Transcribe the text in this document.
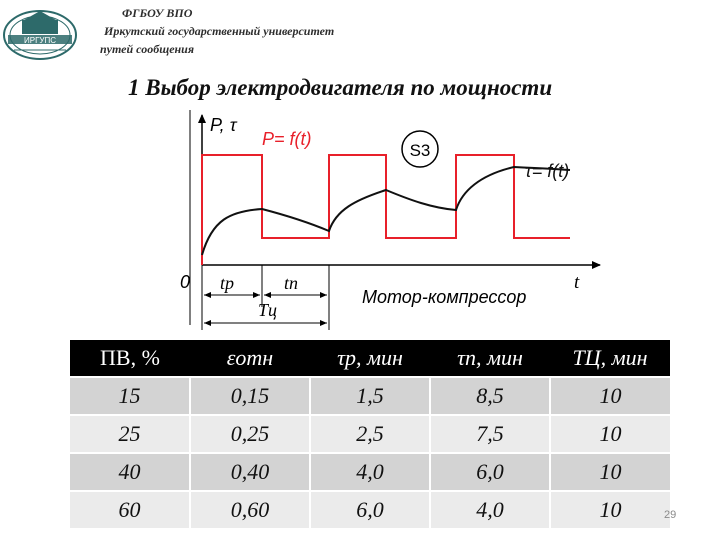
ИРГУПС
ФГБОУ ВПО
Иркутский государственный университет
путей сообщения
1 Выбор электродвигателя по мощности
P, τ
P= f(t)
S3
τ= f(t)
0 tр	tп
Tц
t
Мотор-компрессор
ПВ, %	εотн	τр, мин	τп, мин	TЦ, мин
15	0,15	1,5	8,5	10
25	0,25	2,5	7,5	10
40	0,40	4,0	6,0	10
60	0,60	6,0	4,0	10	29
